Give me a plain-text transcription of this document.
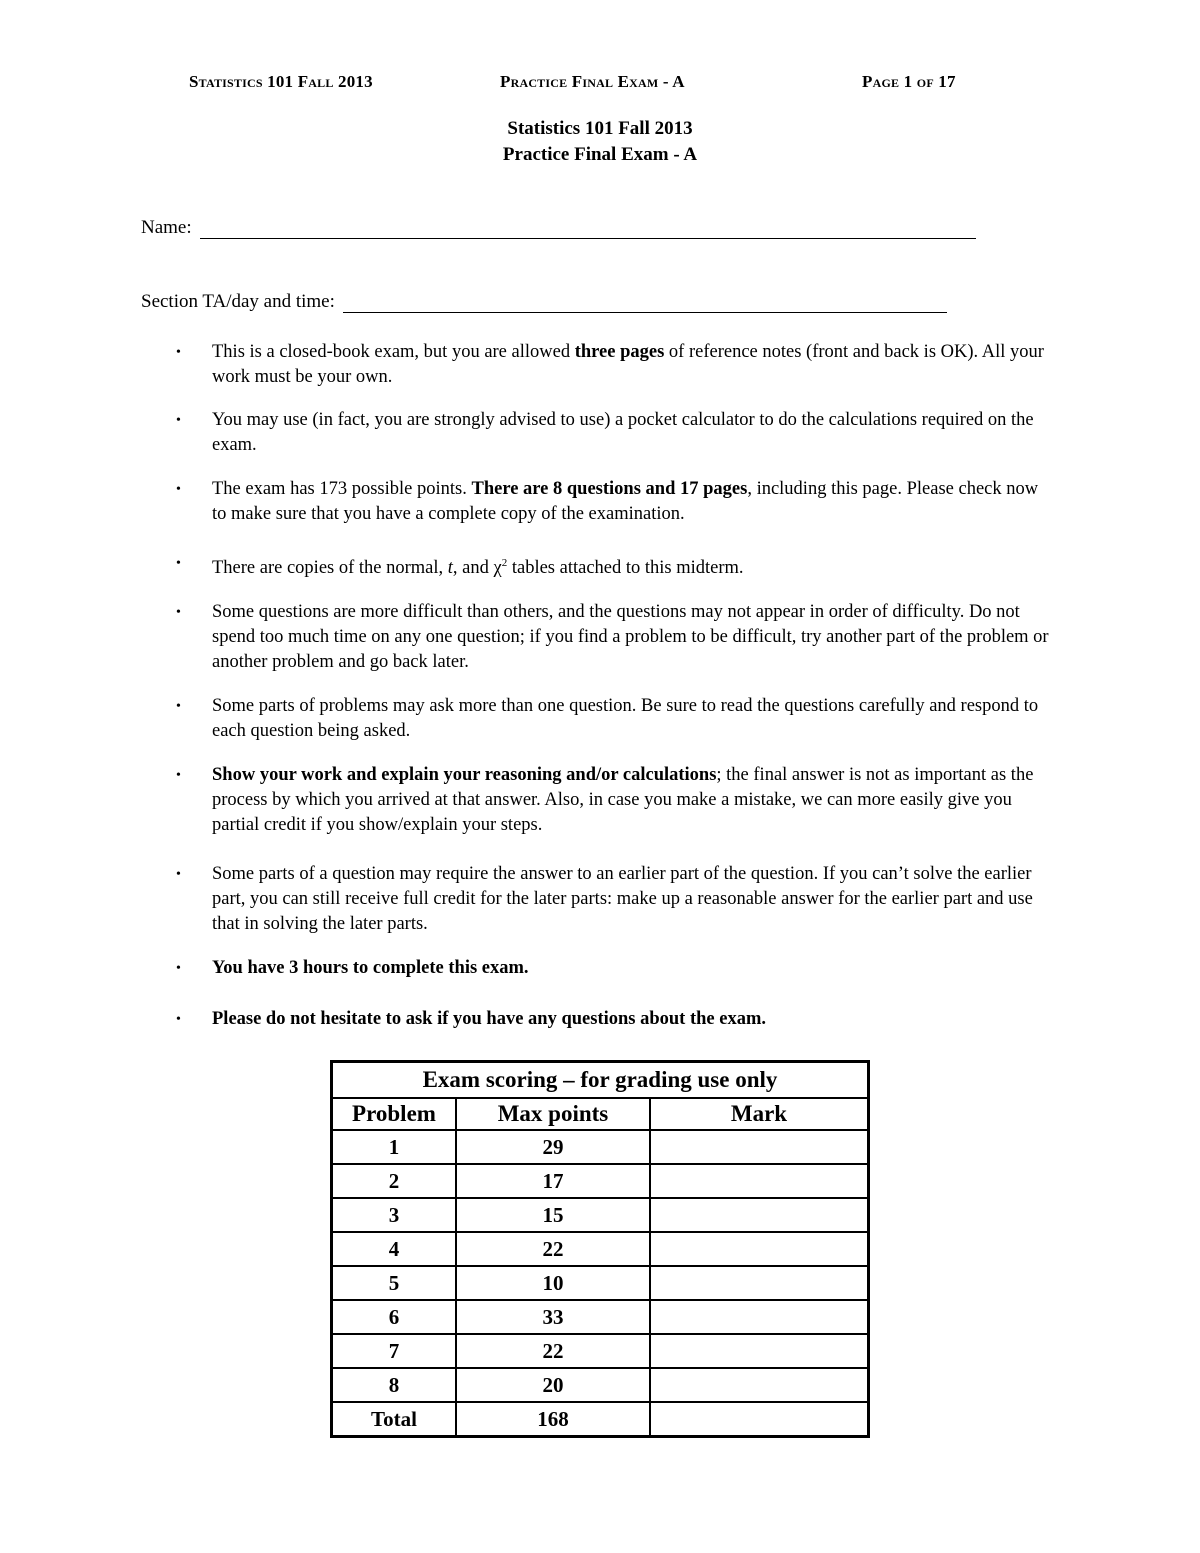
Statistics 101 Fall 2013	Practice Final Exam - A	Page 1 of 17
Statistics 101 Fall 2013
Practice Final Exam - A
Name:
Section TA/day and time:
• This is a closed-book exam, but you are allowed three pages of reference notes (front and back is OK). All your work must be your own.
• You may use (in fact, you are strongly advised to use) a pocket calculator to do the calculations required on the exam.
• The exam has 173 possible points. There are 8 questions and 17 pages, including this page. Please check now to make sure that you have a complete copy of the examination.
• There are copies of the normal, t, and $\chi^2$ tables attached to this midterm.
• Some questions are more difficult than others, and the questions may not appear in order of difficulty. Do not spend too much time on any one question; if you find a problem to be difficult, try another part of the problem or another problem and go back later.
• Some parts of problems may ask more than one question. Be sure to read the questions carefully and respond to each question being asked.
• Show your work and explain your reasoning and/or calculations; the final answer is not as important as the process by which you arrived at that answer. Also, in case you make a mistake, we can more easily give you partial credit if you show/explain your steps.
• Some parts of a question may require the answer to an earlier part of the question. If you can’t solve the earlier part, you can still receive full credit for the later parts: make up a reasonable answer for the earlier part and use that in solving the later parts.
• You have 3 hours to complete this exam.
• Please do not hesitate to ask if you have any questions about the exam.
Exam scoring – for grading use only		
Problem	Max points	Mark
1	29	
2	17	
3	15	
4	22	
5	10	
6	33	
7	22	
8	20	
Total	168	
